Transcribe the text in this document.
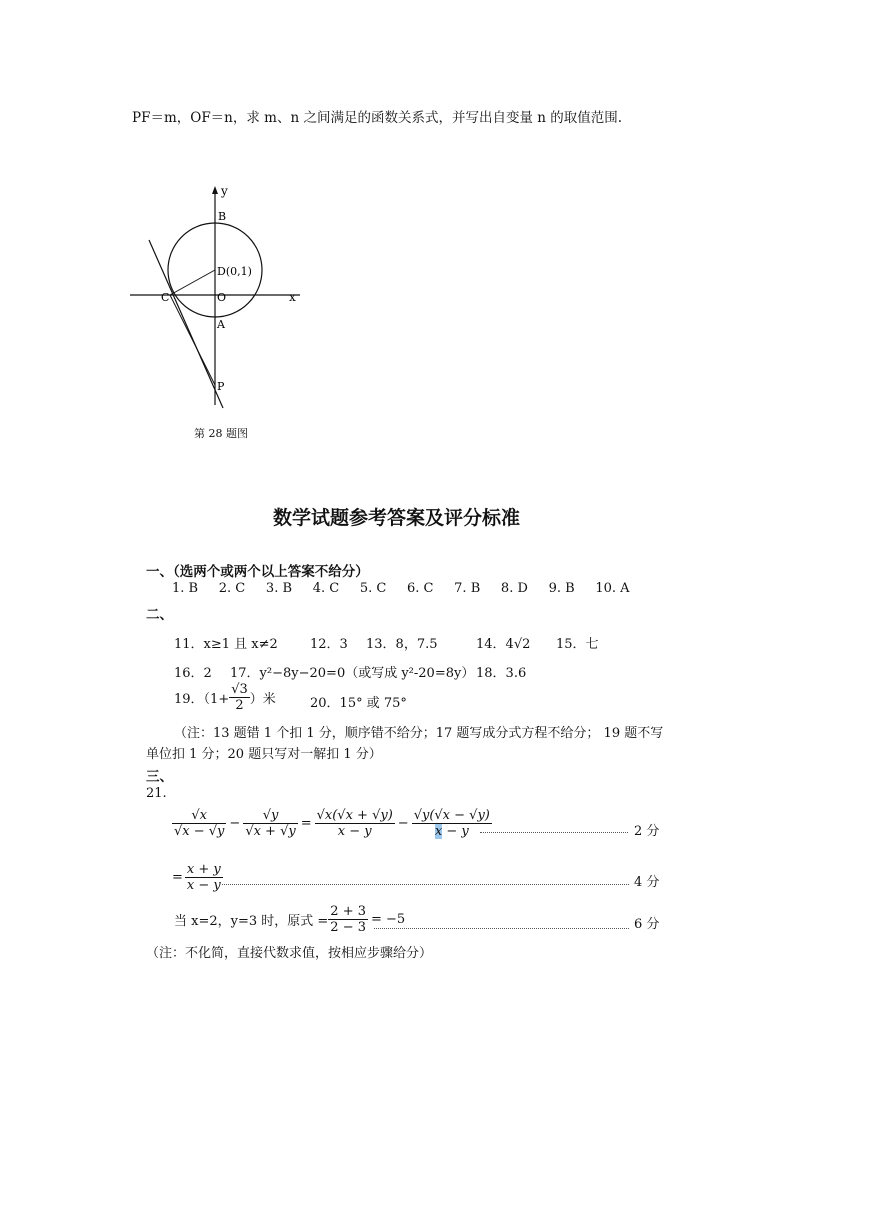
PF＝m，OF＝n，求 m、n 之间满足的函数关系式，并写出自变量 n 的取值范围.
y
B
D(0,1)
C	O	x
A
P
第 28 题图
数学试题参考答案及评分标准
一、（选两个或两个以上答案不给分）
1. B 2. C 3. B 4. C 5. C 6. C 7. B 8. D 9. B 10. A
二、
11．x≥1 且 x≠2 12．3 13．8，7.5	14．4√2 15．七
16．2 17．y²−8y−20=0（或写成 y²-20=8y） 18．3.6
19．（$1+ \frac{√3}{2}$ ）米	20．15° 或 75°
（注：13 题错 1 个扣 1 分，顺序错不给分；17 题写成分式方程不给分； 19 题不写
单位扣 1 分；20 题只写对一解扣 1 分）
三、
21.
$\frac{√x}{√x - √y} - \frac{√y}{√x + √y} = \frac{√x(√x + √y)}{x - y} - \frac{√y(√x - √y)}{x - y}$	2 分
= $\frac{x + y}{x - y}$	4 分
当 x=2，y=3 时，原式 = $\frac{2 + 3}{2 - 3} = -5$	6 分
（注：不化简，直接代数求值，按相应步骤给分）
